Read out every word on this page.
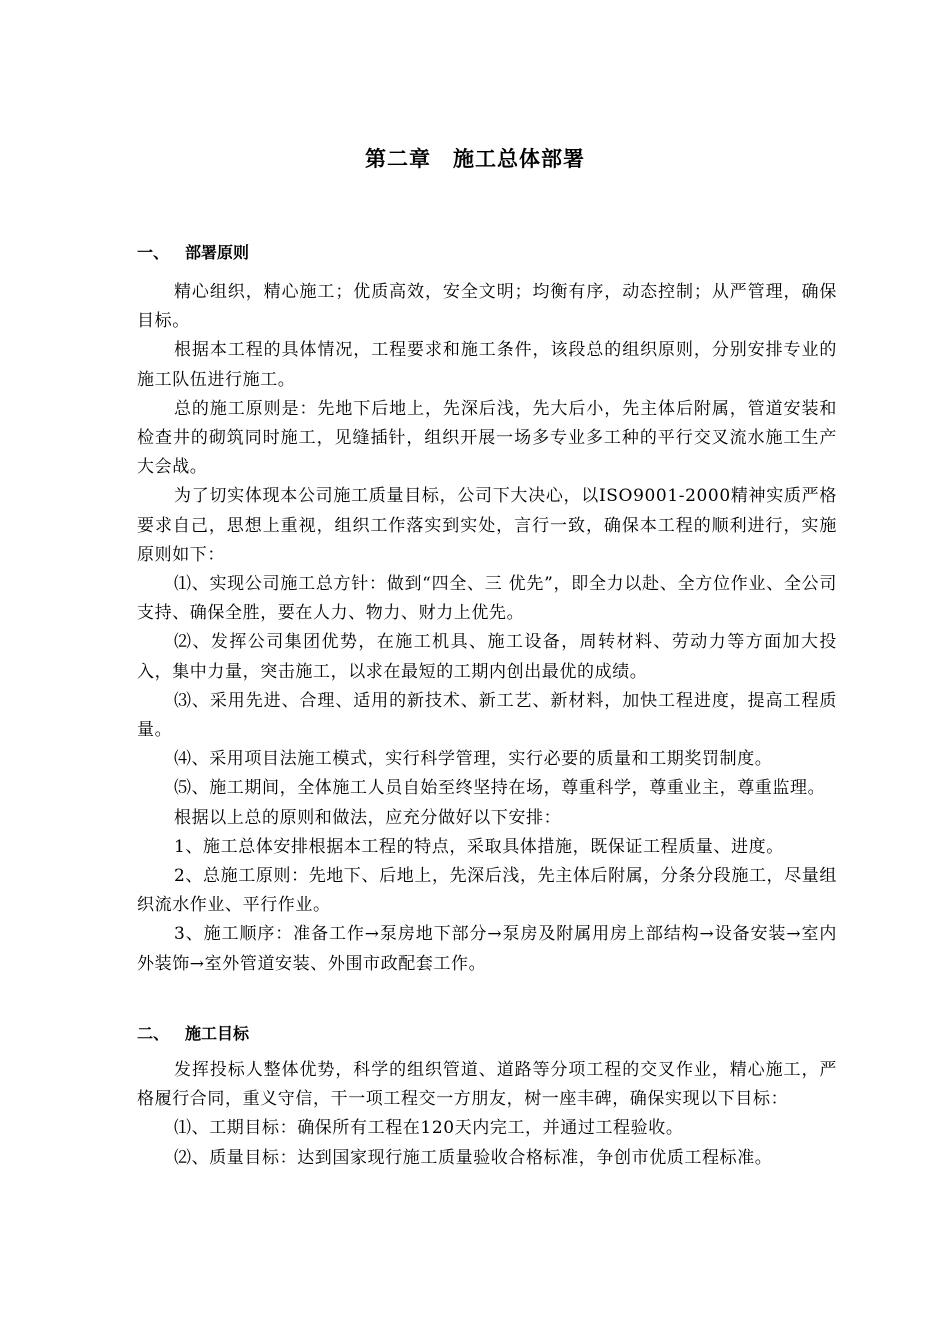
第二章 施工总体部署

一、 部署原则

精心组织，精心施工；优质高效，安全文明；均衡有序，动态控制；从严管理，确保目标。

根据本工程的具体情况，工程要求和施工条件，该段总的组织原则，分别安排专业的施工队伍进行施工。

总的施工原则是：先地下后地上，先深后浅，先大后小，先主体后附属，管道安装和检查井的砌筑同时施工，见缝插针，组织开展一场多专业多工种的平行交叉流水施工生产大会战。

为了切实体现本公司施工质量目标，公司下大决心，以ISO9001-2000精神实质严格要求自己，思想上重视，组织工作落实到实处，言行一致，确保本工程的顺利进行，实施原则如下：

⑴、实现公司施工总方针：做到“四全、三 优先”，即全力以赴、全方位作业、全公司支持、确保全胜，要在人力、物力、财力上优先。

⑵、发挥公司集团优势，在施工机具、施工设备，周转材料、劳动力等方面加大投入，集中力量，突击施工，以求在最短的工期内创出最优的成绩。

⑶、采用先进、合理、适用的新技术、新工艺、新材料，加快工程进度，提高工程质量。

⑷、采用项目法施工模式，实行科学管理，实行必要的质量和工期奖罚制度。

⑸、施工期间，全体施工人员自始至终坚持在场，尊重科学，尊重业主，尊重监理。

根据以上总的原则和做法，应充分做好以下安排：

1、施工总体安排根据本工程的特点，采取具体措施，既保证工程质量、进度。

2、总施工原则：先地下、后地上，先深后浅，先主体后附属，分条分段施工，尽量组织流水作业、平行作业。

3、施工顺序：准备工作→泵房地下部分→泵房及附属用房上部结构→设备安装→室内外装饰→室外管道安装、外围市政配套工作。

二、 施工目标

发挥投标人整体优势，科学的组织管道、道路等分项工程的交叉作业，精心施工，严格履行合同，重义守信，干一项工程交一方朋友，树一座丰碑，确保实现以下目标：

⑴、工期目标：确保所有工程在120天内完工，并通过工程验收。

⑵、质量目标：达到国家现行施工质量验收合格标准，争创市优质工程标准。
